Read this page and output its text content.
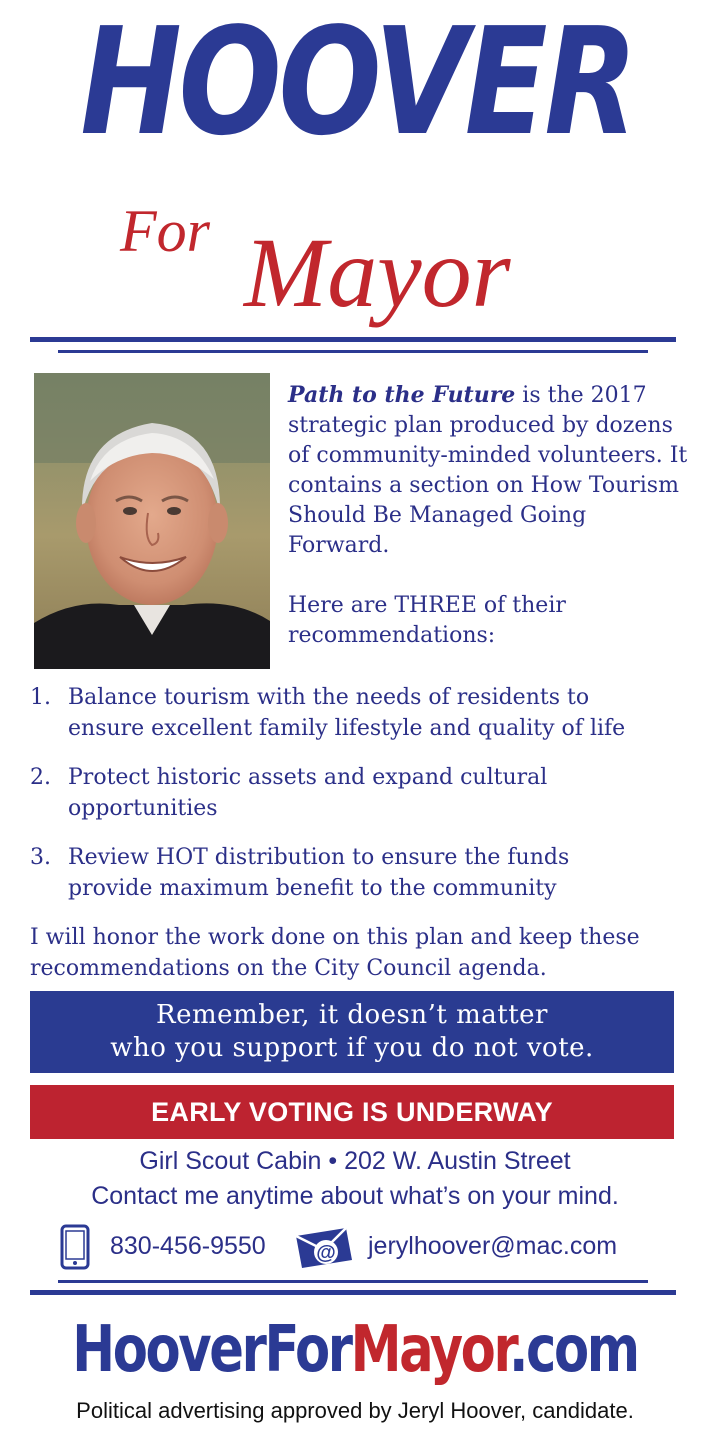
HOOVER
For Mayor
Path to the Future is the 2017 strategic plan produced by dozens of community-minded volunteers. It contains a section on How Tourism Should Be Managed Going Forward.
Here are THREE of their recommendations:
1. Balance tourism with the needs of residents to
ensure excellent family lifestyle and quality of life
2. Protect historic assets and expand cultural
opportunities
3. Review HOT distribution to ensure the funds
provide maximum benefit to the community
I will honor the work done on this plan and keep these
recommendations on the City Council agenda.
Remember, it doesn’t matter
who you support if you do not vote.
EARLY VOTING IS UNDERWAY
Girl Scout Cabin • 202 W. Austin Street
Contact me anytime about what’s on your mind.
830-456-9550	@ jerylhoover@mac.com
HooverForMayor.com
Political advertising approved by Jeryl Hoover, candidate.
